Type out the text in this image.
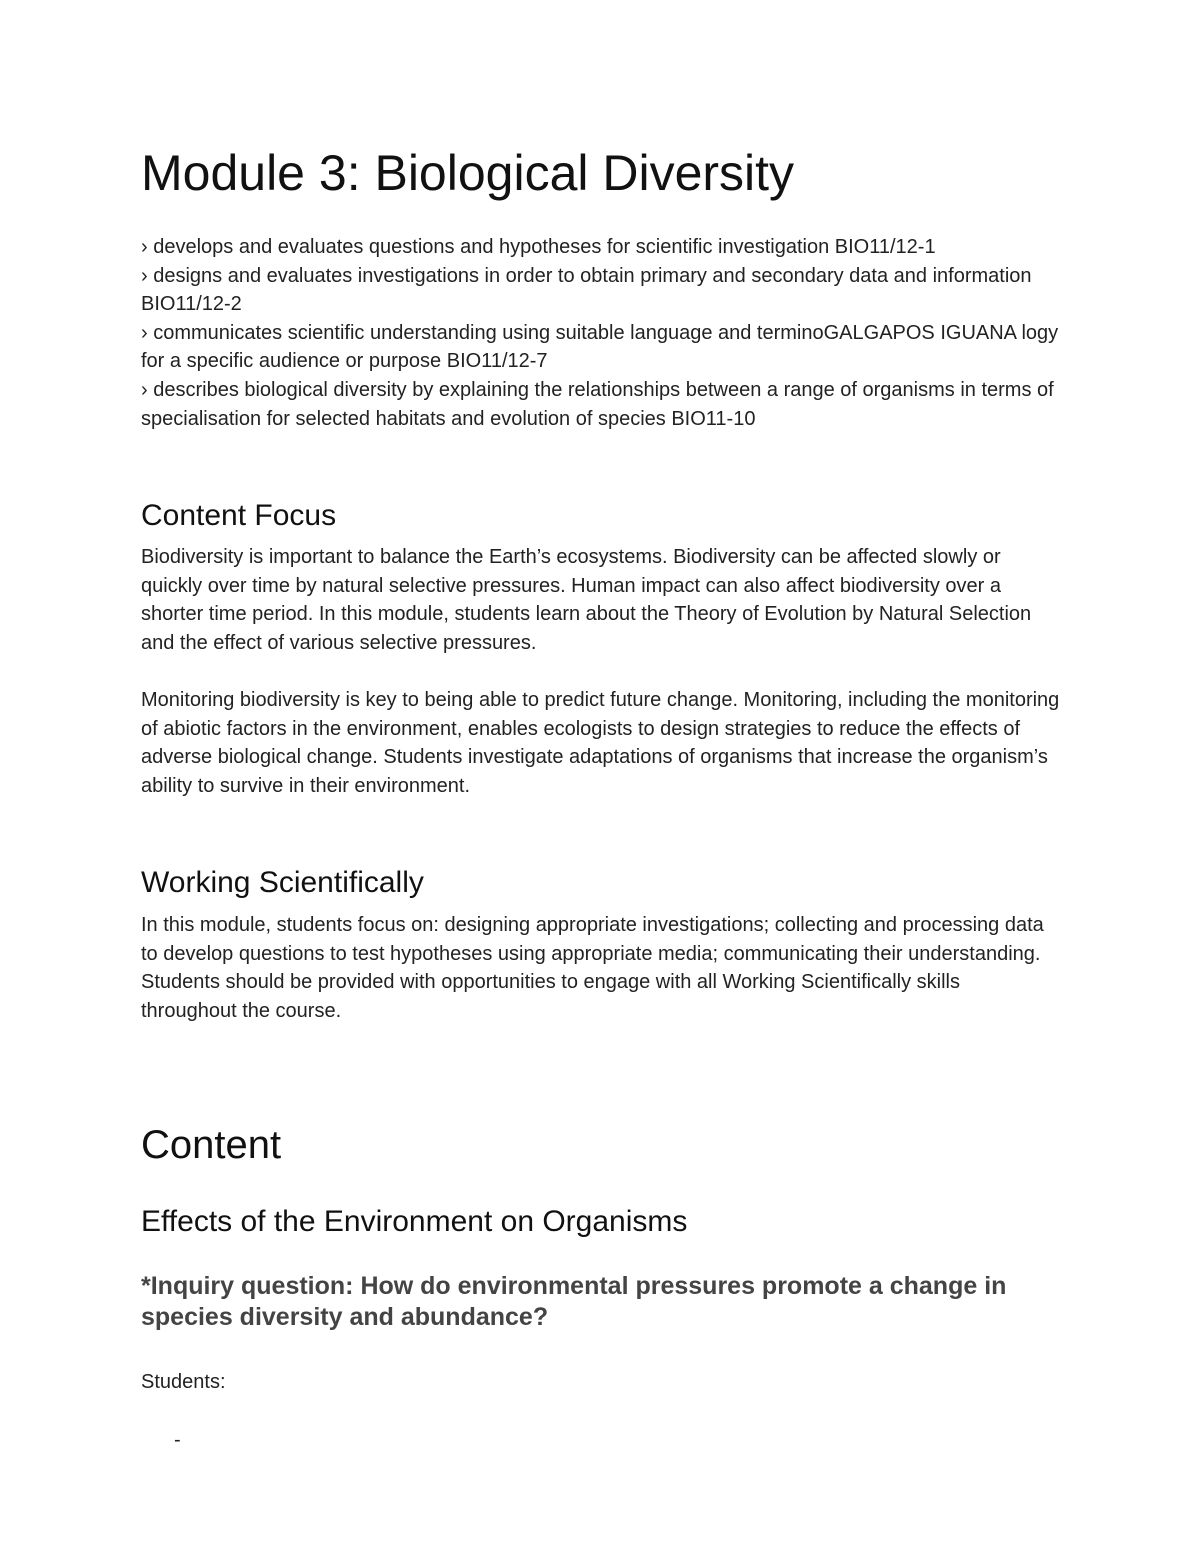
Module 3: Biological Diversity

› develops and evaluates questions and hypotheses for scientific investigation BIO11/12-1

› designs and evaluates investigations in order to obtain primary and secondary data and information BIO11/12-2

› communicates scientific understanding using suitable language and terminoGALGAPOS IGUANA logy for a specific audience or purpose BIO11/12-7

› describes biological diversity by explaining the relationships between a range of organisms in terms of specialisation for selected habitats and evolution of species BIO11-10

Content Focus

Biodiversity is important to balance the Earth’s ecosystems. Biodiversity can be affected slowly or quickly over time by natural selective pressures. Human impact can also affect biodiversity over a shorter time period. In this module, students learn about the Theory of Evolution by Natural Selection and the effect of various selective pressures.

Monitoring biodiversity is key to being able to predict future change. Monitoring, including the monitoring of abiotic factors in the environment, enables ecologists to design strategies to reduce the effects of adverse biological change. Students investigate adaptations of organisms that increase the organism’s ability to survive in their environment.

Working Scientifically

In this module, students focus on: designing appropriate investigations; collecting and processing data to develop questions to test hypotheses using appropriate media; communicating their understanding. Students should be provided with opportunities to engage with all Working Scientifically skills throughout the course.

Content
Effects of the Environment on Organisms

*Inquiry question: How do environmental pressures promote a change in species diversity and abundance?

Students:

-
